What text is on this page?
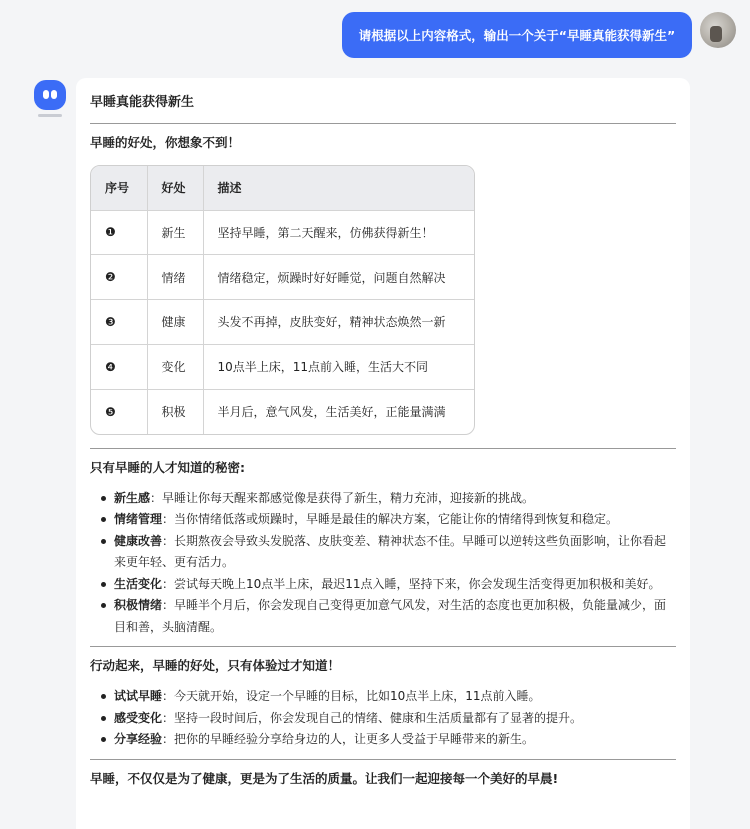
请根据以上内容格式，输出一个关于“早睡真能获得新生”
早睡真能获得新生
早睡的好处，你想象不到！
序号	好处	描述
❶	新生	坚持早睡，第二天醒来，仿佛获得新生！
❷	情绪	情绪稳定，烦躁时好好睡觉，问题自然解决
❸	健康	头发不再掉，皮肤变好，精神状态焕然一新
❹	变化	10点半上床，11点前入睡，生活大不同
❺	积极	半月后，意气风发，生活美好，正能量满满
只有早睡的人才知道的秘密:
新生感：早睡让你每天醒来都感觉像是获得了新生，精力充沛，迎接新的挑战。
情绪管理：当你情绪低落或烦躁时，早睡是最佳的解决方案，它能让你的情绪得到恢复和稳定。
健康改善：长期熬夜会导致头发脱落、皮肤变差、精神状态不佳。早睡可以逆转这些负面影响，让你看起来更年轻、更有活力。
生活变化：尝试每天晚上10点半上床，最迟11点入睡，坚持下来，你会发现生活变得更加积极和美好。
积极情绪：早睡半个月后，你会发现自己变得更加意气风发，对生活的态度也更加积极，负能量减少，面目和善，头脑清醒。
行动起来，早睡的好处，只有体验过才知道！
试试早睡：今天就开始，设定一个早睡的目标，比如10点半上床，11点前入睡。
感受变化：坚持一段时间后，你会发现自己的情绪、健康和生活质量都有了显著的提升。
分享经验：把你的早睡经验分享给身边的人，让更多人受益于早睡带来的新生。
早睡，不仅仅是为了健康，更是为了生活的质量。让我们一起迎接每一个美好的早晨!
